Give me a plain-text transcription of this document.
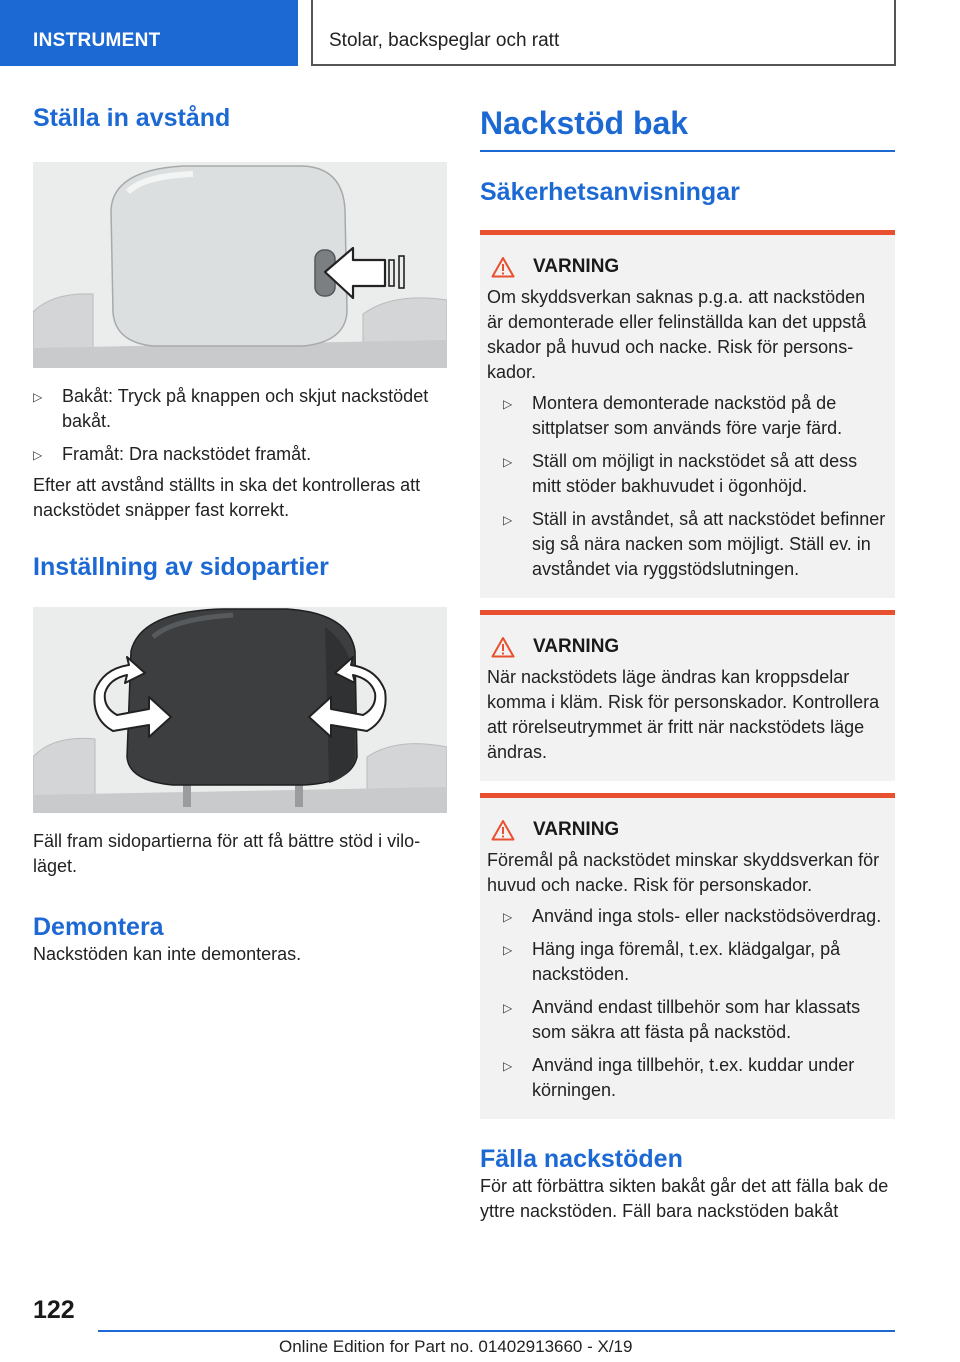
INSTRUMENT	Stolar, backspeglar och ratt
Ställa in avstånd
▷ Bakåt: Tryck på knappen och skjut nackstödet bakåt.
▷ Framåt: Dra nackstödet framåt.

Efter att avstånd ställts in ska det kontrolleras att nackstödet snäpper fast korrekt.

Inställning av sidopartier

Fäll fram sidopartierna för att få bättre stöd i viloläget.

Demontera

Nackstöden kan inte demonteras.

Nackstöd bak
Säkerhetsanvisningar
VARNING

Om skyddsverkan saknas p.g.a. att nackstöden är demonterade eller felinställda kan det uppstå skador på huvud och nacke. Risk för personskador.

▷ Montera demonterade nackstöd på de sittplatser som används före varje färd.
▷ Ställ om möjligt in nackstödet så att dess mitt stöder bakhuvudet i ögonhöjd.
▷ Ställ in avståndet, så att nackstödet befinner sig så nära nacken som möjligt. Ställ ev. in avståndet via ryggstödslutningen.
VARNING

När nackstödets läge ändras kan kroppsdelar komma i kläm. Risk för personskador. Kontrollera att rörelseutrymmet är fritt när nackstödets läge ändras.

VARNING

Föremål på nackstödet minskar skyddsverkan för huvud och nacke. Risk för personskador.

▷ Använd inga stols- eller nackstödsöverdrag.
▷ Häng inga föremål, t.ex. klädgalgar, på nackstöden.
▷ Använd endast tillbehör som har klassats som säkra att fästa på nackstöd.
▷ Använd inga tillbehör, t.ex. kuddar under körningen.
Fälla nackstöden

För att förbättra sikten bakåt går det att fälla bak de yttre nackstöden. Fäll bara nackstöden bakåt

122
Online Edition for Part no. 01402913660 - X/19
